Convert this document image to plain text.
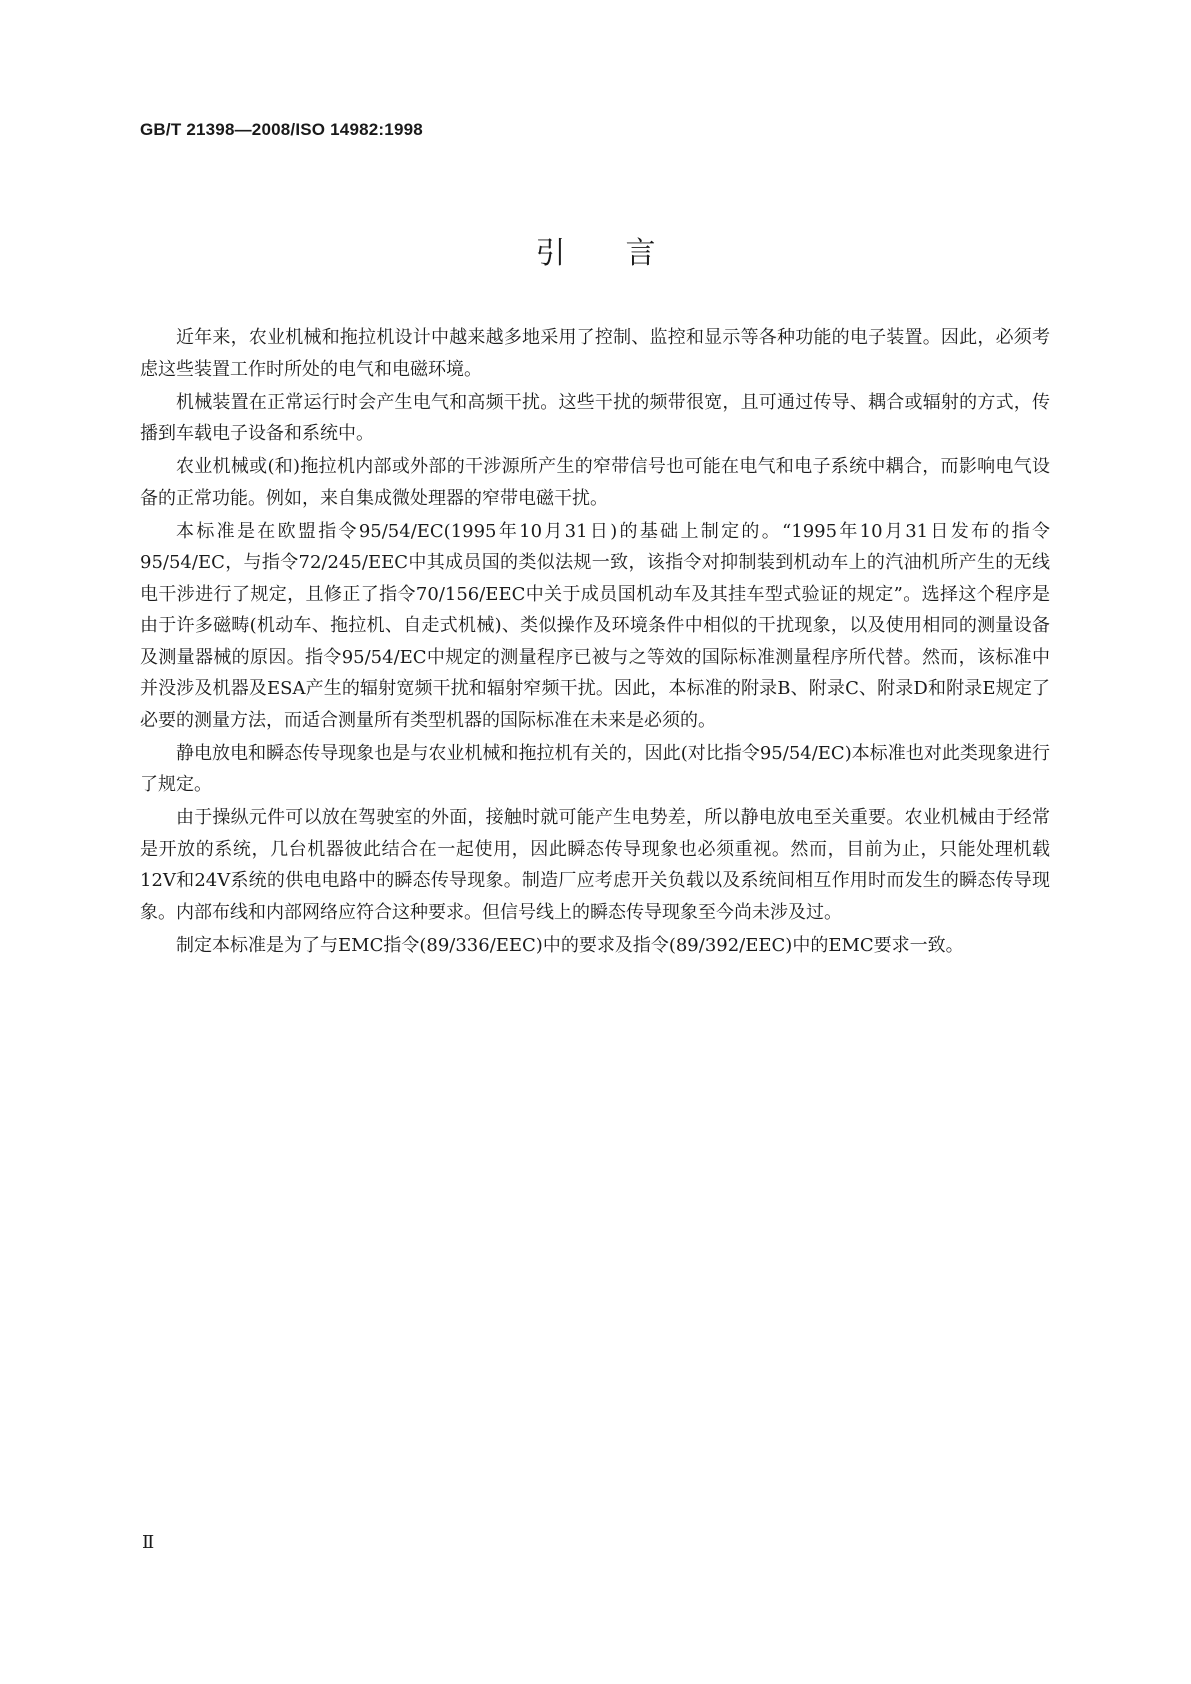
GB/T 21398—2008/ISO 14982:1998
引言

近年来，农业机械和拖拉机设计中越来越多地采用了控制、监控和显示等各种功能的电子装置。因此，必须考虑这些装置工作时所处的电气和电磁环境。

机械装置在正常运行时会产生电气和高频干扰。这些干扰的频带很宽，且可通过传导、耦合或辐射的方式，传播到车载电子设备和系统中。

农业机械或(和)拖拉机内部或外部的干涉源所产生的窄带信号也可能在电气和电子系统中耦合，而影响电气设备的正常功能。例如，来自集成微处理器的窄带电磁干扰。

本标准是在欧盟指令95/54/EC(1995年10月31日)的基础上制定的。“1995年10月31日发布的指令95/54/EC，与指令72/245/EEC中其成员国的类似法规一致，该指令对抑制装到机动车上的汽油机所产生的无线电干涉进行了规定，且修正了指令70/156/EEC中关于成员国机动车及其挂车型式验证的规定”。选择这个程序是由于许多磁畴(机动车、拖拉机、自走式机械)、类似操作及环境条件中相似的干扰现象，以及使用相同的测量设备及测量器械的原因。指令95/54/EC中规定的测量程序已被与之等效的国际标准测量程序所代替。然而，该标准中并没涉及机器及ESA产生的辐射宽频干扰和辐射窄频干扰。因此，本标准的附录B、附录C、附录D和附录E规定了必要的测量方法，而适合测量所有类型机器的国际标准在未来是必须的。

静电放电和瞬态传导现象也是与农业机械和拖拉机有关的，因此(对比指令95/54/EC)本标准也对此类现象进行了规定。

由于操纵元件可以放在驾驶室的外面，接触时就可能产生电势差，所以静电放电至关重要。农业机械由于经常是开放的系统，几台机器彼此结合在一起使用，因此瞬态传导现象也必须重视。然而，目前为止，只能处理机载12V和24V系统的供电电路中的瞬态传导现象。制造厂应考虑开关负载以及系统间相互作用时而发生的瞬态传导现象。内部布线和内部网络应符合这种要求。但信号线上的瞬态传导现象至今尚未涉及过。

制定本标准是为了与EMC指令(89/336/EEC)中的要求及指令(89/392/EEC)中的EMC要求一致。

Ⅱ
